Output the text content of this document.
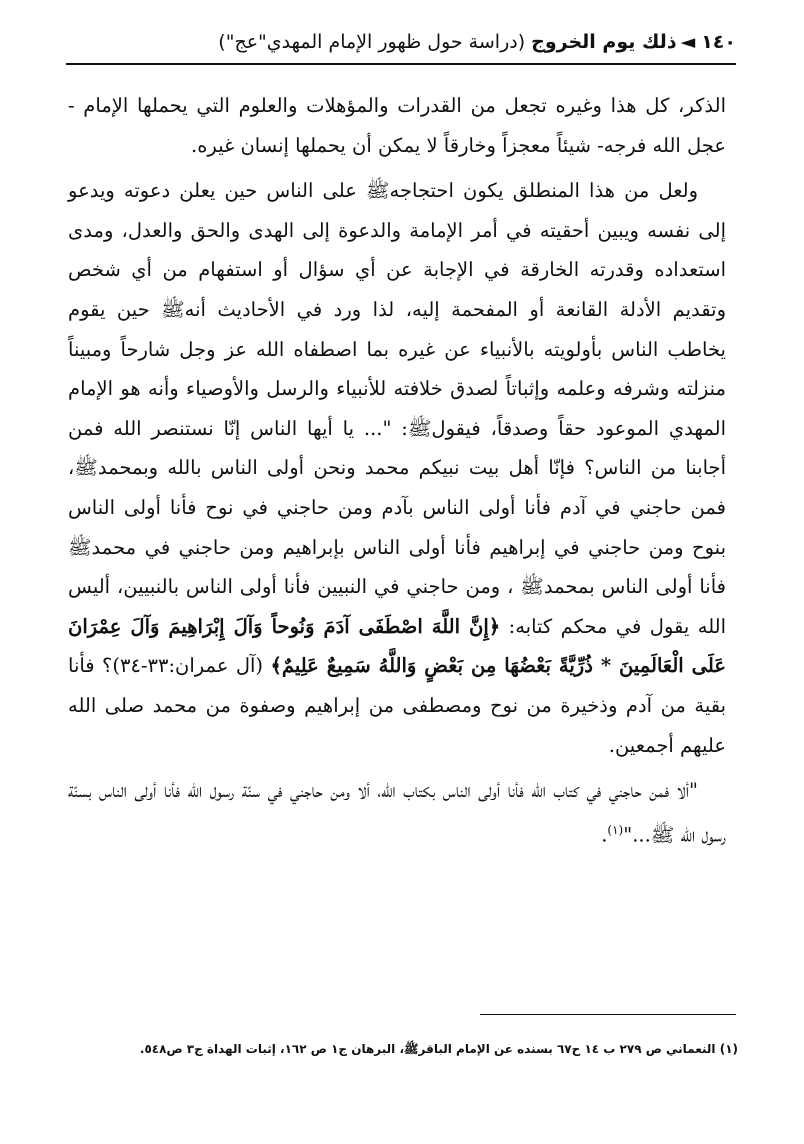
١٤٠
◄
ذلك يوم الخروج
(دراسة حول ظهور الإمام المهدي"عج")

الذكر، كل هذا وغيره تجعل من القدرات والمؤهلات والعلوم التي يحملها الإمام - عجل الله فرجه- شيئاً معجزاً وخارقاً لا يمكن أن يحملها إنسان غيره.

ولعل من هذا المنطلق يكون احتجاجهﷺ على الناس حين يعلن دعوته ويدعو إلى نفسه ويبين أحقيته في أمر الإمامة والدعوة إلى الهدى والحق والعدل، ومدى استعداده وقدرته الخارقة في الإجابة عن أي سؤال أو استفهام من أي شخص وتقديم الأدلة القانعة أو المفحمة إليه، لذا ورد في الأحاديث أنهﷺ حين يقوم يخاطب الناس بأولويته بالأنبياء عن غيره بما اصطفاه الله عز وجل شارحاً ومبيناً منزلته وشرفه وعلمه وإثباتاً لصدق خلافته للأنبياء والرسل والأوصياء وأنه هو الإمام المهدي الموعود حقاً وصدقاً، فيقولﷺ: "... يا أيها الناس إنّا نستنصر الله فمن أجابنا من الناس؟ فإنّا أهل بيت نبيكم محمد ونحن أولى الناس بالله وبمحمدﷺ، فمن حاجني في آدم فأنا أولى الناس بآدم ومن حاجني في نوح فأنا أولى الناس بنوح ومن حاجني في إبراهيم فأنا أولى الناس بإبراهيم ومن حاجني في محمدﷺ فأنا أولى الناس بمحمدﷺ ، ومن حاجني في النبيين فأنا أولى الناس بالنبيين، أليس الله يقول في محكم كتابه: ﴿إِنَّ اللَّهَ اصْطَفَى آدَمَ وَنُوحاً وَآلَ إِبْرَاهِيمَ وَآلَ عِمْرَانَ عَلَى الْعَالَمِينَ * ذُرِّيَّةً بَعْضُهَا مِن بَعْضٍ وَاللَّهُ سَمِيعٌ عَلِيمٌ﴾ (آل عمران:٣٣-٣٤)؟ فأنا بقية من آدم وذخيرة من نوح ومصطفى من إبراهيم وصفوة من محمد صلى الله عليهم أجمعين.

"ألا فمن حاجني في كتاب الله فأنا أولى الناس بكتاب الله، ألا ومن حاجني في سنّة رسول الله فأنا أولى الناس بسنّة رسول الله ﷺ..."$^{(١)}$.

(١) النعماني ص ٢٧٩ ب ١٤ ح٦٧ بسنده عن الإمام الباقرﷺ، البرهان ج١ ص ١٦٢، إثبات الهداة ج٣ ص٥٤٨.
